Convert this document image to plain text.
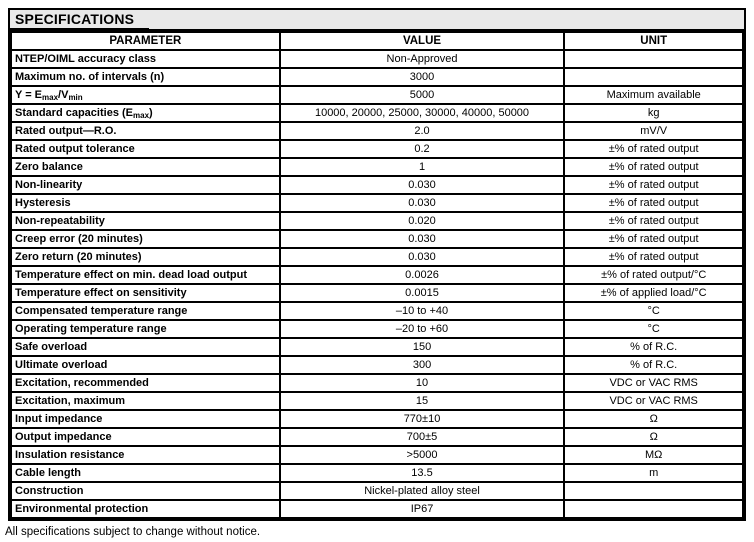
SPECIFICATIONS
PARAMETER	VALUE	UNIT
NTEP/OIML accuracy class	Non-Approved	
Maximum no. of intervals (n)	3000	
$Y = E_{max}/V_{min}$	5000	Maximum available
Standard capacities $(E_{max})$	10000, 20000, 25000, 30000, 40000, 50000	kg
Rated output—R.O.	2.0	mV/V
Rated output tolerance	0.2	±% of rated output
Zero balance	1	±% of rated output
Non-linearity	0.030	±% of rated output
Hysteresis	0.030	±% of rated output
Non-repeatability	0.020	±% of rated output
Creep error (20 minutes)	0.030	±% of rated output
Zero return (20 minutes)	0.030	±% of rated output
Temperature effect on min. dead load output	0.0026	±% of rated output/°C
Temperature effect on sensitivity	0.0015	±% of applied load/°C
Compensated temperature range	–10 to +40	°C
Operating temperature range	–20 to +60	°C
Safe overload	150	% of R.C.
Ultimate overload	300	% of R.C.
Excitation, recommended	10	VDC or VAC RMS
Excitation, maximum	15	VDC or VAC RMS
Input impedance	770±10	Ω
Output impedance	700±5	Ω
Insulation resistance	>5000	MΩ
Cable length	13.5	m
Construction	Nickel-plated alloy steel	
Environmental protection	IP67	
All specifications subject to change without notice.
